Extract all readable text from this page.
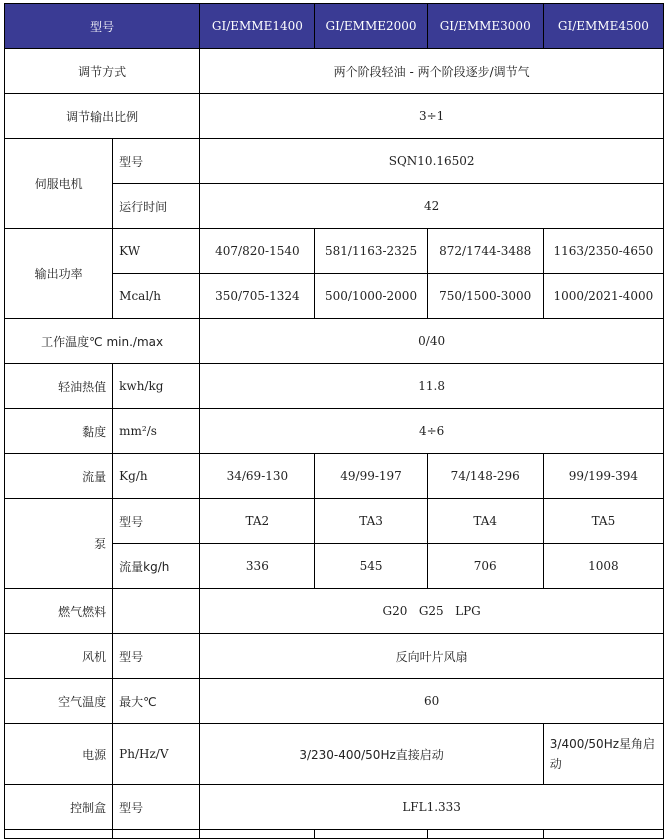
型号		GI/EMME1400	GI/EMME2000	GI/EMME3000	GI/EMME4500
调节方式		两个阶段轻油 - 两个阶段逐步/调节气			
调节输出比例		3÷1			
伺服电机	型号	SQN10.16502			
	运行时间	42			
输出功率	KW	407/820-1540	581/1163-2325	872/1744-3488	1163/2350-4650
	Mcal/h	350/705-1324	500/1000-2000	750/1500-3000	1000/2021-4000
工作温度℃ min./max		0/40			
轻油热值	kwh/kg	11.8			
黏度	mm²/s	4÷6			
流量	Kg/h	34/69-130	49/99-197	74/148-296	99/199-394
泵	型号	TA2	TA3	TA4	TA5
	流量kg/h	336	545	706	1008
燃气燃料		G20   G25   LPG			
风机	型号	反向叶片风扇			
空气温度	最大℃	60			
电源	Ph/Hz/V	3/230-400/50Hz直接启动			3/400/50Hz星角启动
控制盒	型号	LFL1.333			
